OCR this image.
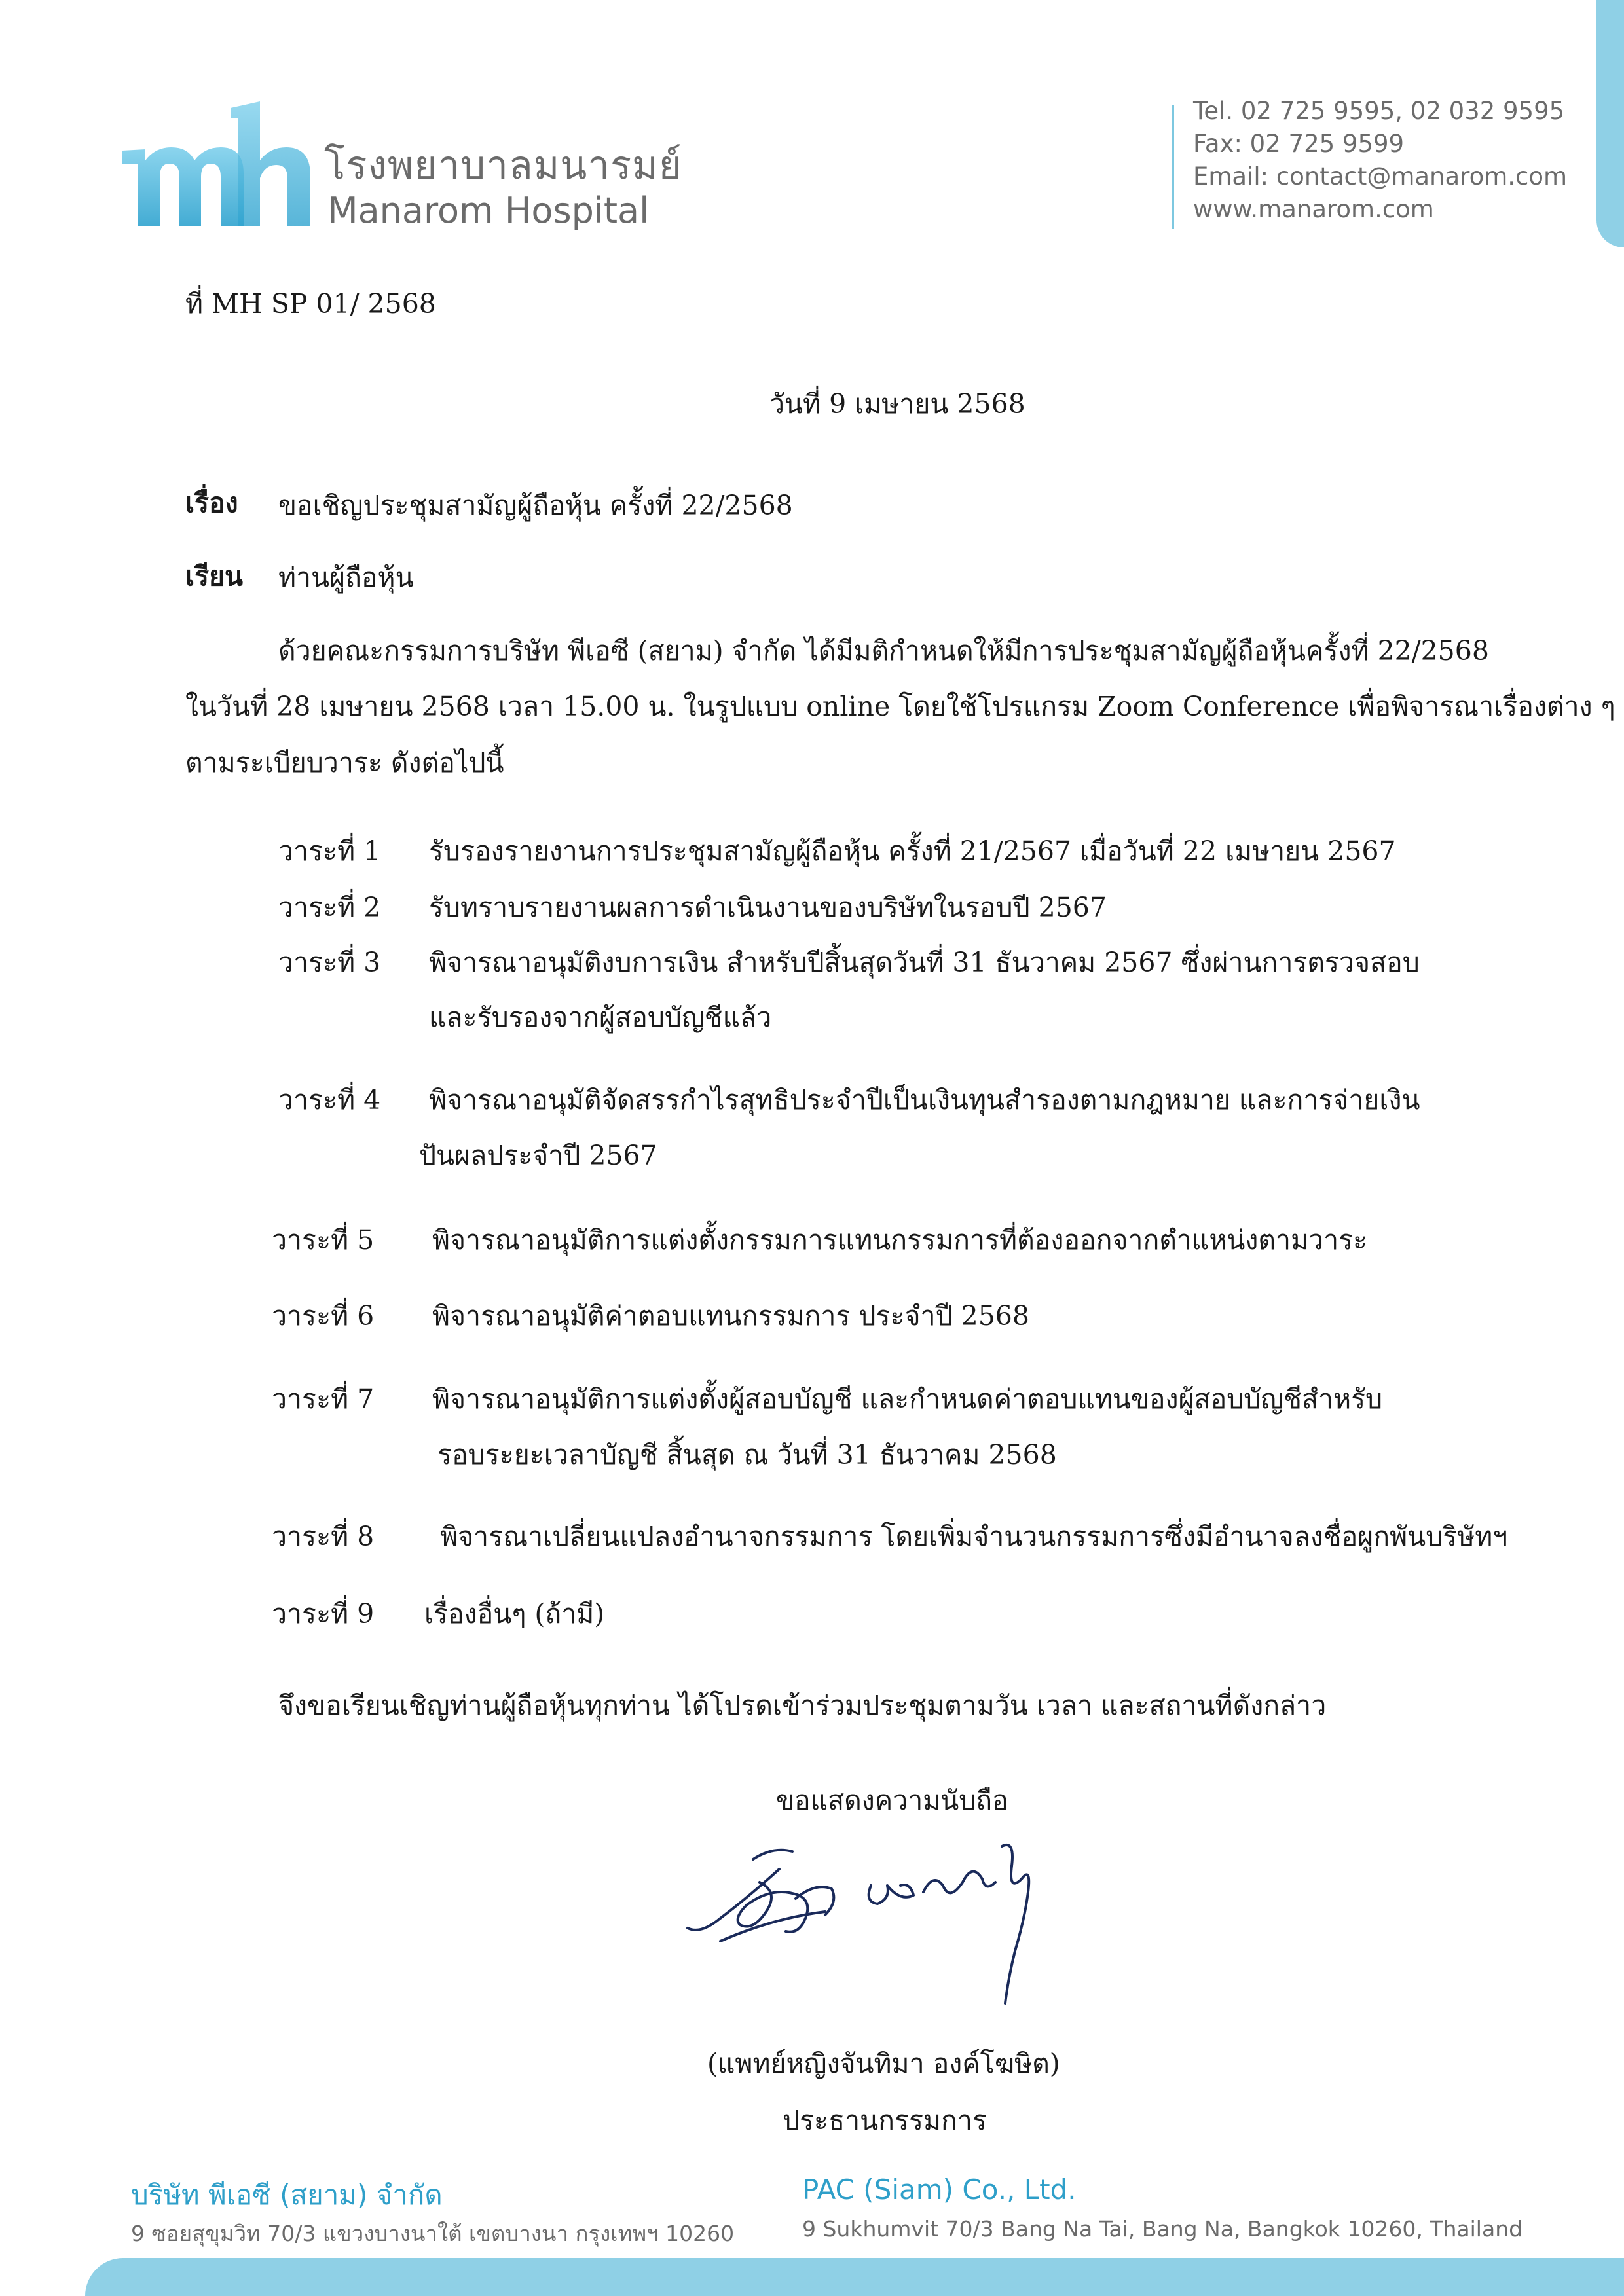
โรงพยาบาลมนารมย์
Manarom Hospital
Tel. 02 725 9595, 02 032 9595
Fax: 02 725 9599
Email: contact@manarom.com
www.manarom.com
ที่ MH SP 01/ 2568
วันที่ 9 เมษายน 2568
เรื่อง ขอเชิญประชุมสามัญผู้ถือหุ้น ครั้งที่ 22/2568
เรียน ท่านผู้ถือหุ้น
ด้วยคณะกรรมการบริษัท พีเอซี (สยาม) จำกัด ได้มีมติกำหนดให้มีการประชุมสามัญผู้ถือหุ้นครั้งที่ 22/2568
ในวันที่ 28 เมษายน 2568 เวลา 15.00 น. ในรูปแบบ online โดยใช้โปรแกรม Zoom Conference เพื่อพิจารณาเรื่องต่าง ๆ
ตามระเบียบวาระ ดังต่อไปนี้
วาระที่ 1 รับรองรายงานการประชุมสามัญผู้ถือหุ้น ครั้งที่ 21/2567 เมื่อวันที่ 22 เมษายน 2567
วาระที่ 2 รับทราบรายงานผลการดำเนินงานของบริษัทในรอบปี 2567
วาระที่ 3 พิจารณาอนุมัติงบการเงิน สำหรับปีสิ้นสุดวันที่ 31 ธันวาคม 2567 ซึ่งผ่านการตรวจสอบ
และรับรองจากผู้สอบบัญชีแล้ว
วาระที่ 4 พิจารณาอนุมัติจัดสรรกำไรสุทธิประจำปีเป็นเงินทุนสำรองตามกฎหมาย และการจ่ายเงิน
ปันผลประจำปี 2567
วาระที่ 5 พิจารณาอนุมัติการแต่งตั้งกรรมการแทนกรรมการที่ต้องออกจากตำแหน่งตามวาระ
วาระที่ 6 พิจารณาอนุมัติค่าตอบแทนกรรมการ ประจำปี 2568
วาระที่ 7 พิจารณาอนุมัติการแต่งตั้งผู้สอบบัญชี และกำหนดค่าตอบแทนของผู้สอบบัญชีสำหรับ
รอบระยะเวลาบัญชี สิ้นสุด ณ วันที่ 31 ธันวาคม 2568
วาระที่ 8 พิจารณาเปลี่ยนแปลงอำนาจกรรมการ โดยเพิ่มจำนวนกรรมการซึ่งมีอำนาจลงชื่อผูกพันบริษัทฯ
วาระที่ 9 เรื่องอื่นๆ (ถ้ามี)
จึงขอเรียนเชิญท่านผู้ถือหุ้นทุกท่าน ได้โปรดเข้าร่วมประชุมตามวัน เวลา และสถานที่ดังกล่าว
ขอแสดงความนับถือ
(แพทย์หญิงจันทิมา องค์โฆษิต)
ประธานกรรมการ
บริษัท พีเอซี (สยาม) จำกัด
9 ซอยสุขุมวิท 70/3 แขวงบางนาใต้ เขตบางนา กรุงเทพฯ 10260
PAC (Siam) Co., Ltd.
9 Sukhumvit 70/3 Bang Na Tai, Bang Na, Bangkok 10260, Thailand
